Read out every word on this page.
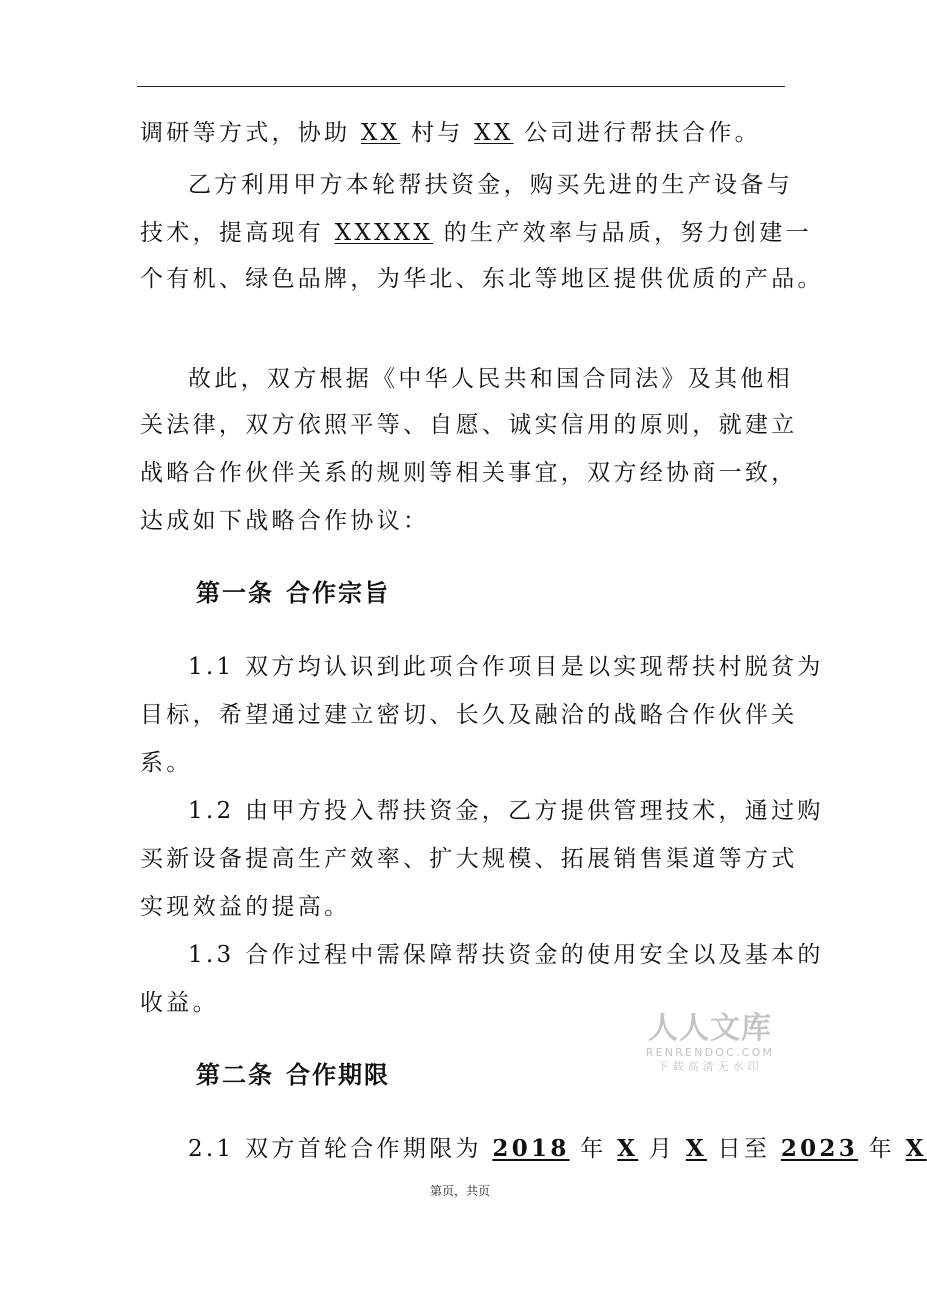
调研等方式，协助 XX 村与 XX 公司进行帮扶合作。
乙方利用甲方本轮帮扶资金，购买先进的生产设备与
技术，提高现有 XXXXX 的生产效率与品质，努力创建一
个有机、绿色品牌，为华北、东北等地区提供优质的产品。
故此，双方根据《中华人民共和国合同法》及其他相
关法律，双方依照平等、自愿、诚实信用的原则，就建立
战略合作伙伴关系的规则等相关事宜，双方经协商一致，
达成如下战略合作协议：
第一条 合作宗旨
1.1 双方均认识到此项合作项目是以实现帮扶村脱贫为
目标，希望通过建立密切、长久及融洽的战略合作伙伴关
系。
1.2 由甲方投入帮扶资金，乙方提供管理技术，通过购
买新设备提高生产效率、扩大规模、拓展销售渠道等方式
实现效益的提高。
1.3 合作过程中需保障帮扶资金的使用安全以及基本的
收益。
第二条 合作期限
2.1 双方首轮合作期限为 2018 年 X 月 X 日至 2023 年 X
人人文库
RENRENDOC.COM
下载高清无水印
第页，共页
